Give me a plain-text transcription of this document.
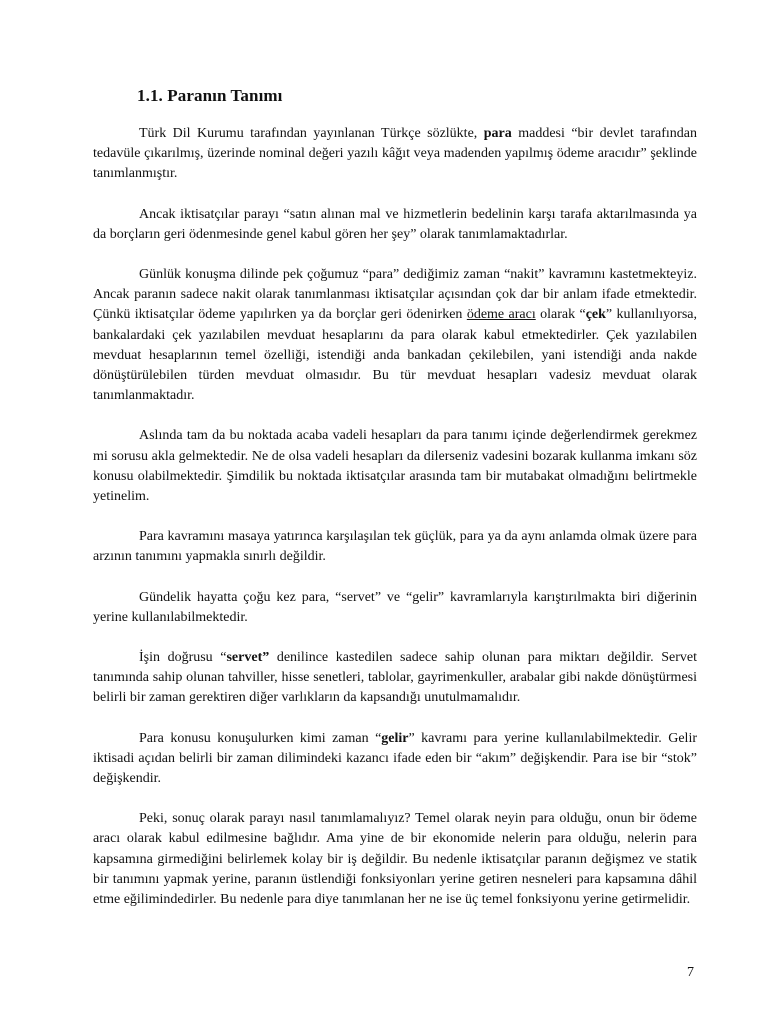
1.1. Paranın Tanımı

Türk Dil Kurumu tarafından yayınlanan Türkçe sözlükte, para maddesi “bir devlet tarafından tedavüle çıkarılmış, üzerinde nominal değeri yazılı kâğıt veya madenden yapılmış ödeme aracıdır” şeklinde tanımlanmıştır.

Ancak iktisatçılar parayı “satın alınan mal ve hizmetlerin bedelinin karşı tarafa aktarılmasında ya da borçların geri ödenmesinde genel kabul gören her şey” olarak tanımlamaktadırlar.

Günlük konuşma dilinde pek çoğumuz “para” dediğimiz zaman “nakit” kavramını kastetmekteyiz. Ancak paranın sadece nakit olarak tanımlanması iktisatçılar açısından çok dar bir anlam ifade etmektedir. Çünkü iktisatçılar ödeme yapılırken ya da borçlar geri ödenirken ödeme aracı olarak “çek” kullanılıyorsa, bankalardaki çek yazılabilen mevduat hesaplarını da para olarak kabul etmektedirler. Çek yazılabilen mevduat hesaplarının temel özelliği, istendiği anda bankadan çekilebilen, yani istendiği anda nakde dönüştürülebilen türden mevduat olmasıdır. Bu tür mevduat hesapları vadesiz mevduat olarak tanımlanmaktadır.

Aslında tam da bu noktada acaba vadeli hesapları da para tanımı içinde değerlendirmek gerekmez mi sorusu akla gelmektedir. Ne de olsa vadeli hesapları da dilerseniz vadesini bozarak kullanma imkanı söz konusu olabilmektedir. Şimdilik bu noktada iktisatçılar arasında tam bir mutabakat olmadığını belirtmekle yetinelim.

Para kavramını masaya yatırınca karşılaşılan tek güçlük, para ya da aynı anlamda olmak üzere para arzının tanımını yapmakla sınırlı değildir.

Gündelik hayatta çoğu kez para, “servet” ve “gelir” kavramlarıyla karıştırılmakta biri diğerinin yerine kullanılabilmektedir.

İşin doğrusu “servet” denilince kastedilen sadece sahip olunan para miktarı değildir. Servet tanımında sahip olunan tahviller, hisse senetleri, tablolar, gayrimenkuller, arabalar gibi nakde dönüştürmesi belirli bir zaman gerektiren diğer varlıkların da kapsandığı unutulmamalıdır.

Para konusu konuşulurken kimi zaman “gelir” kavramı para yerine kullanılabilmektedir. Gelir iktisadi açıdan belirli bir zaman dilimindeki kazancı ifade eden bir “akım” değişkendir. Para ise bir “stok” değişkendir.

Peki, sonuç olarak parayı nasıl tanımlamalıyız? Temel olarak neyin para olduğu, onun bir ödeme aracı olarak kabul edilmesine bağlıdır. Ama yine de bir ekonomide nelerin para olduğu, nelerin para kapsamına girmediğini belirlemek kolay bir iş değildir. Bu nedenle iktisatçılar paranın değişmez ve statik bir tanımını yapmak yerine, paranın üstlendiği fonksiyonları yerine getiren nesneleri para kapsamına dâhil etme eğilimindedirler. Bu nedenle para diye tanımlanan her ne ise üç temel fonksiyonu yerine getirmelidir.

7
